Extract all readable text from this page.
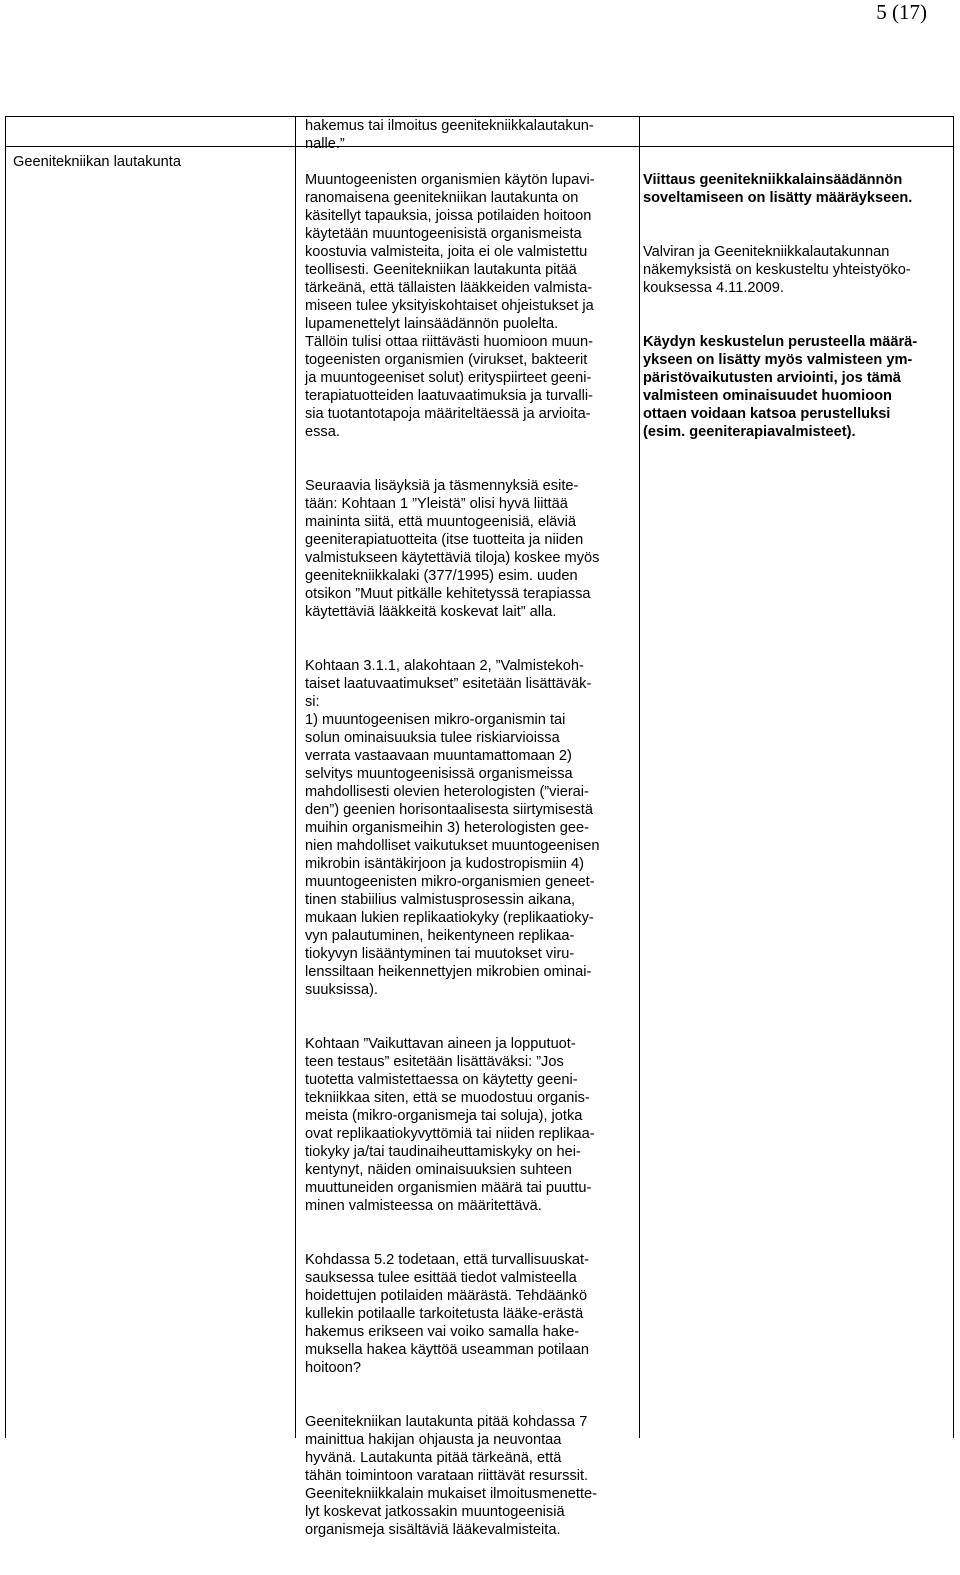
5 (17)
hakemus tai ilmoitus geenitekniikkalautakun-
nalle.”
Geenitekniikan lautakunta

Muuntogeenisten organismien käytön lupavi-
ranomaisena geenitekniikan lautakunta on
käsitellyt tapauksia, joissa potilaiden hoitoon
käytetään muuntogeenisistä organismeista
koostuvia valmisteita, joita ei ole valmistettu
teollisesti. Geenitekniikan lautakunta pitää
tärkeänä, että tällaisten lääkkeiden valmista-
miseen tulee yksityiskohtaiset ohjeistukset ja
lupamenettelyt lainsäädännön puolelta.
Tällöin tulisi ottaa riittävästi huomioon muun-
togeenisten organismien (virukset, bakteerit
ja muuntogeeniset solut) erityspiirteet geeni-
terapiatuotteiden laatuvaatimuksia ja turvalli-
sia tuotantotapoja määriteltäessä ja arvioita-
essa.

Seuraavia lisäyksiä ja täsmennyksiä esite-
tään: Kohtaan 1 ”Yleistä” olisi hyvä liittää
maininta siitä, että muuntogeenisiä, eläviä
geeniterapiatuotteita (itse tuotteita ja niiden
valmistukseen käytettäviä tiloja) koskee myös
geenitekniikkalaki (377/1995) esim. uuden
otsikon ”Muut pitkälle kehitetyssä terapiassa
käytettäviä lääkkeitä koskevat lait” alla.

Kohtaan 3.1.1, alakohtaan 2, ”Valmistekoh-
taiset laatuvaatimukset” esitetään lisättäväk-
si:
1) muuntogeenisen mikro-organismin tai
solun ominaisuuksia tulee riskiarvioissa
verrata vastaavaan muuntamattomaan 2)
selvitys muuntogeenisissä organismeissa
mahdollisesti olevien heterologisten (”vierai-
den”) geenien horisontaalisesta siirtymisestä
muihin organismeihin 3) heterologisten gee-
nien mahdolliset vaikutukset muuntogeenisen
mikrobin isäntäkirjoon ja kudostropismiin 4)
muuntogeenisten mikro-organismien geneet-
tinen stabiilius valmistusprosessin aikana,
mukaan lukien replikaatiokyky (replikaatioky-
vyn palautuminen, heikentyneen replikaa-
tiokyvyn lisääntyminen tai muutokset viru-
lenssiltaan heikennettyjen mikrobien ominai-
suuksissa).

Kohtaan ”Vaikuttavan aineen ja lopputuot-
teen testaus” esitetään lisättäväksi: ”Jos
tuotetta valmistettaessa on käytetty geeni-
tekniikkaa siten, että se muodostuu organis-
meista (mikro-organismeja tai soluja), jotka
ovat replikaatiokyvyttömiä tai niiden replikaa-
tiokyky ja/tai taudinaiheuttamiskyky on hei-
kentynyt, näiden ominaisuuksien suhteen
muuttuneiden organismien määrä tai puuttu-
minen valmisteessa on määritettävä.

Kohdassa 5.2 todetaan, että turvallisuuskat-
sauksessa tulee esittää tiedot valmisteella
hoidettujen potilaiden määrästä. Tehdäänkö
kullekin potilaalle tarkoitetusta lääke-erästä
hakemus erikseen vai voiko samalla hake-
muksella hakea käyttöä useamman potilaan
hoitoon?

Geenitekniikan lautakunta pitää kohdassa 7
mainittua hakijan ohjausta ja neuvontaa
hyvänä. Lautakunta pitää tärkeänä, että
tähän toimintoon varataan riittävät resurssit.
Geenitekniikkalain mukaiset ilmoitusmenette-
lyt koskevat jatkossakin muuntogeenisiä
organismeja sisältäviä lääkevalmisteita.

Viittaus geenitekniikkalainsäädännön
soveltamiseen on lisätty määräykseen.

Valviran ja Geenitekniikkalautakunnan
näkemyksistä on keskusteltu yhteistyökо-
kouksessa 4.11.2009.

Käydyn keskustelun perusteella määrä-
ykseen on lisätty myös valmisteen ym-
päristövaikutusten arviointi, jos tämä
valmisteen ominaisuudet huomioon
ottaen voidaan katsoa perustelluksi
(esim. geeniterapiavalmisteet).
